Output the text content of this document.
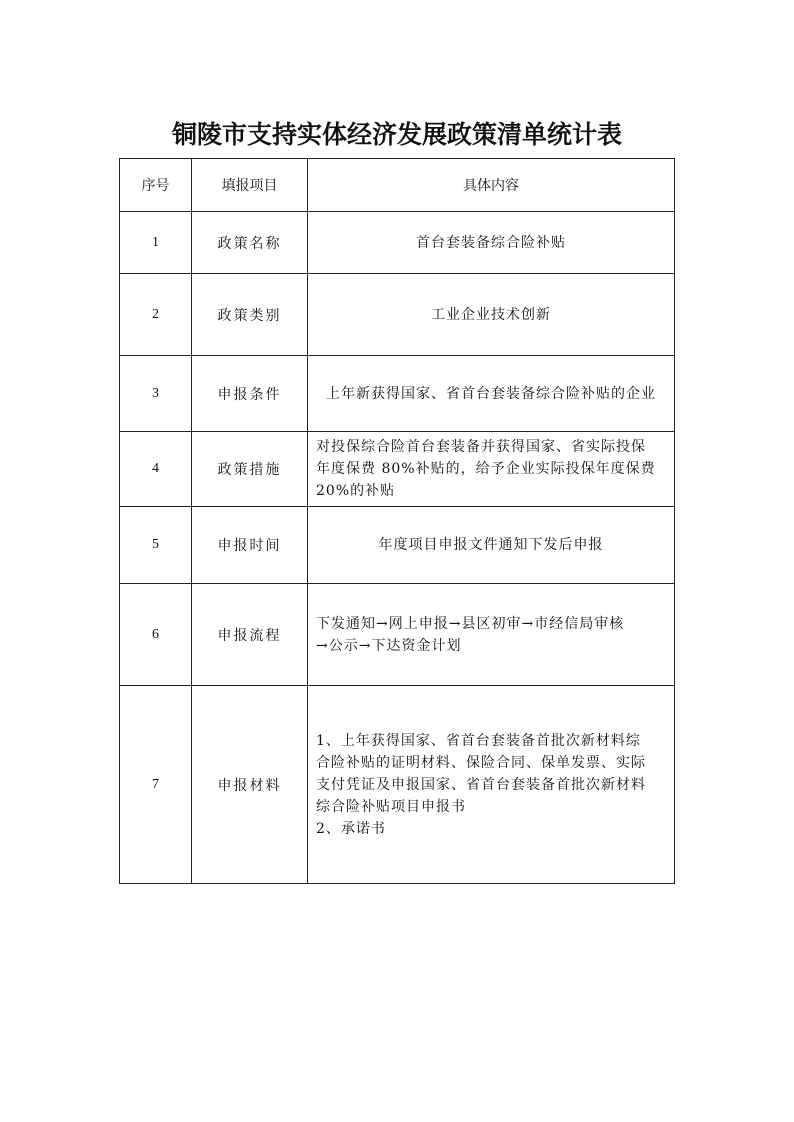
铜陵市支持实体经济发展政策清单统计表
序号	填报项目	具体内容
1	政策名称	首台套装备综合险补贴

2	政策类别	工业企业技术创新

3	申报条件	上年新获得国家、省首台套装备综合险补贴的企业

4	政策措施	对投保综合险首台套装备并获得国家、省实际投保
年度保费 80%补贴的，给予企业实际投保年度保费
20%的补贴

5	申报时间	年度项目申报文件通知下发后申报

6	申报流程	下发通知→网上申报→县区初审→市经信局审核
→公示→下达资金计划

7	申报材料	1、上年获得国家、省首台套装备首批次新材料综
合险补贴的证明材料、保险合同、保单发票、实际
支付凭证及申报国家、省首台套装备首批次新材料
综合险补贴项目申报书
2、承诺书
